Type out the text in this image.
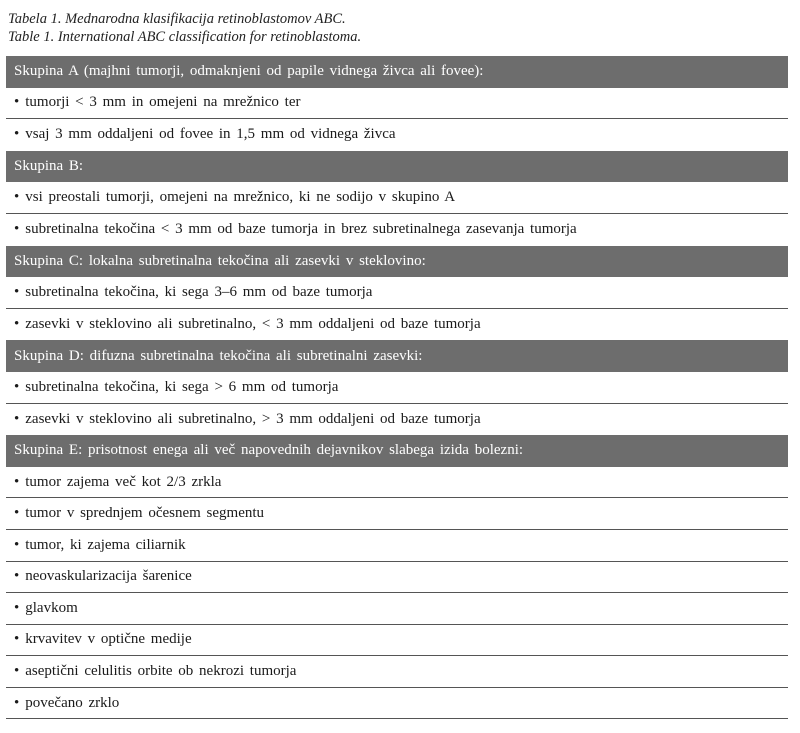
Tabela 1. Mednarodna klasifikacija retinoblastomov ABC.
Table 1. International ABC classification for retinoblastoma.
Skupina A (majhni tumorji, odmaknjeni od papile vidnega živca ali fovee):
• tumorji < 3 mm in omejeni na mrežnico ter
• vsaj 3 mm oddaljeni od fovee in 1,5 mm od vidnega živca
Skupina B:
• vsi preostali tumorji, omejeni na mrežnico, ki ne sodijo v skupino A
• subretinalna tekočina < 3 mm od baze tumorja in brez subretinalnega zasevanja tumorja
Skupina C: lokalna subretinalna tekočina ali zasevki v steklovino:
• subretinalna tekočina, ki sega 3–6 mm od baze tumorja
• zasevki v steklovino ali subretinalno, < 3 mm oddaljeni od baze tumorja
Skupina D: difuzna subretinalna tekočina ali subretinalni zasevki:
• subretinalna tekočina, ki sega > 6 mm od tumorja
• zasevki v steklovino ali subretinalno, > 3 mm oddaljeni od baze tumorja
Skupina E: prisotnost enega ali več napovednih dejavnikov slabega izida bolezni:
• tumor zajema več kot 2/3 zrkla
• tumor v sprednjem očesnem segmentu
• tumor, ki zajema ciliarnik
• neovaskularizacija šarenice
• glavkom
• krvavitev v optične medije
• aseptični celulitis orbite ob nekrozi tumorja
• povečano zrklo
